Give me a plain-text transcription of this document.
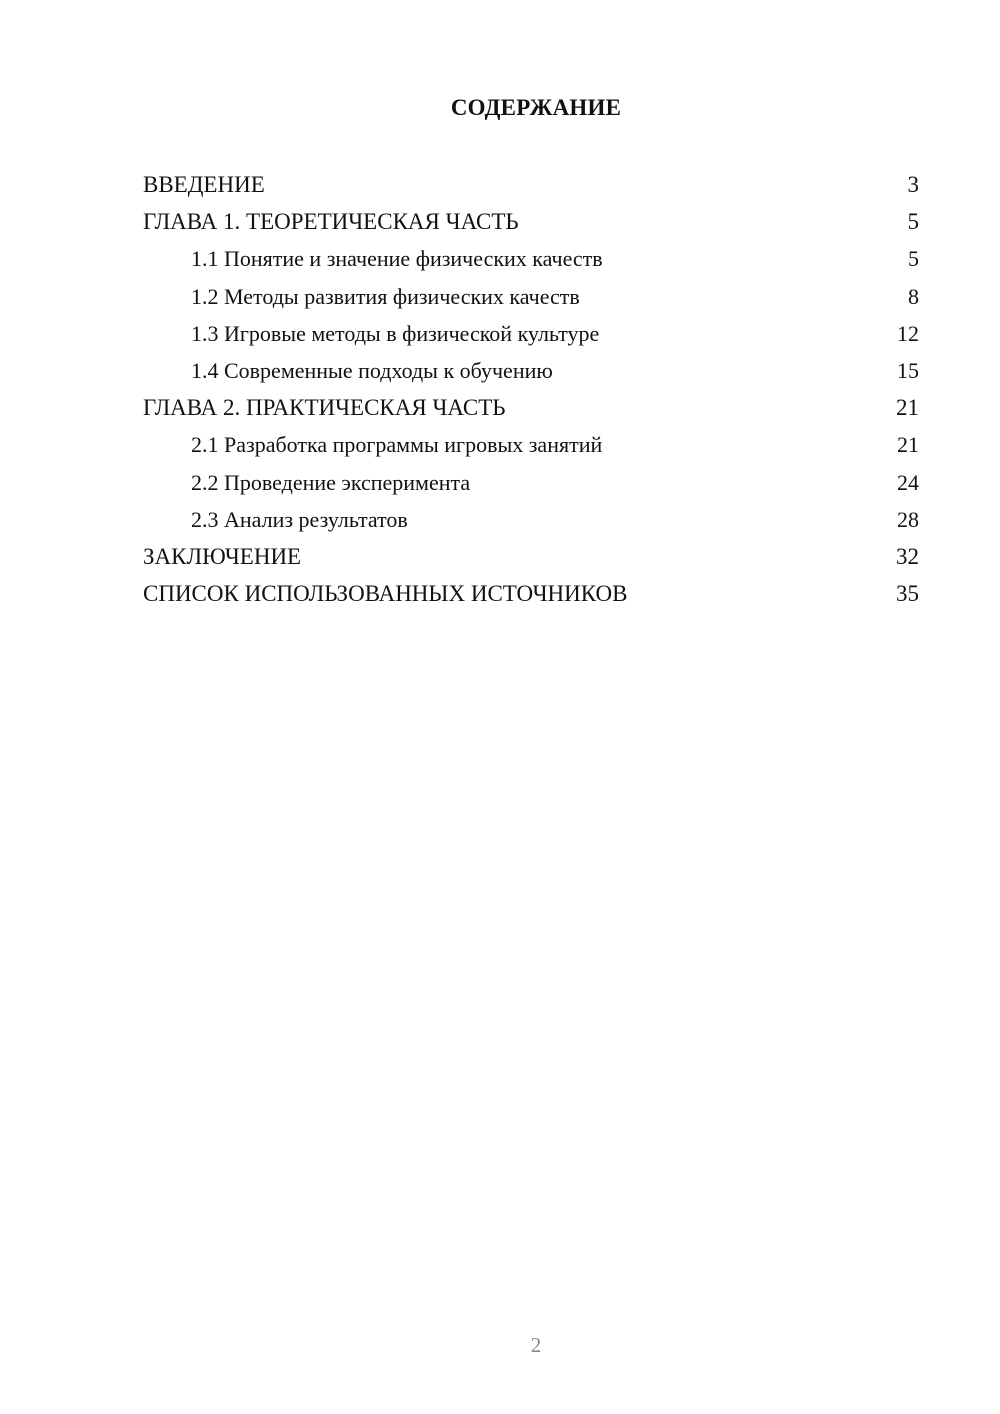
СОДЕРЖАНИЕ
ВВЕДЕНИЕ	3
ГЛАВА 1. ТЕОРЕТИЧЕСКАЯ ЧАСТЬ	5
1.1 Понятие и значение физических качеств	5
1.2 Методы развития физических качеств	8
1.3 Игровые методы в физической культуре	12
1.4 Современные подходы к обучению	15
ГЛАВА 2. ПРАКТИЧЕСКАЯ ЧАСТЬ	21
2.1 Разработка программы игровых занятий	21
2.2 Проведение эксперимента	24
2.3 Анализ результатов	28
ЗАКЛЮЧЕНИЕ	32
СПИСОК ИСПОЛЬЗОВАННЫХ ИСТОЧНИКОВ	35
2
